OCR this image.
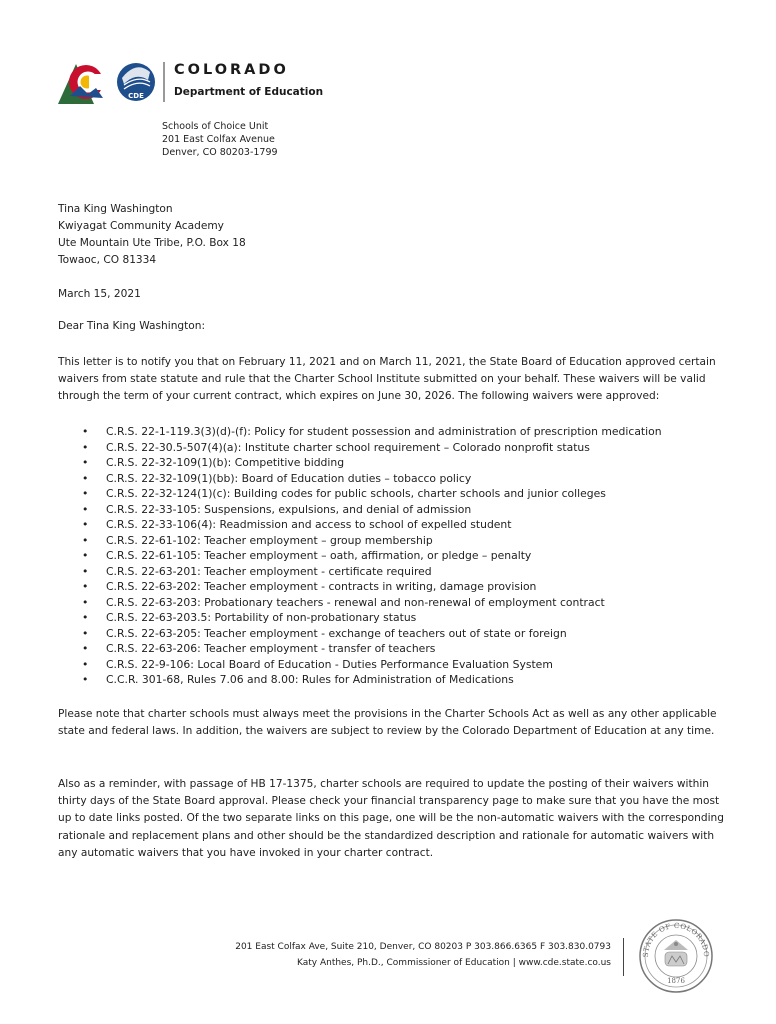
CDE
COLORADO
Department of Education
Schools of Choice Unit
201 East Colfax Avenue
Denver, CO 80203-1799
Tina King Washington
Kwiyagat Community Academy
Ute Mountain Ute Tribe, P.O. Box 18
Towaoc, CO 81334
March 15, 2021
Dear Tina King Washington:
This letter is to notify you that on February 11, 2021 and on March 11, 2021, the State Board of Education approved certain waivers from state statute and rule that the Charter School Institute submitted on your behalf. These waivers will be valid through the term of your current contract, which expires on June 30, 2026. The following waivers were approved:
• C.R.S. 22-1-119.3(3)(d)-(f): Policy for student possession and administration of prescription medication
• C.R.S. 22-30.5-507(4)(a): Institute charter school requirement – Colorado nonprofit status
• C.R.S. 22-32-109(1)(b): Competitive bidding
• C.R.S. 22-32-109(1)(bb): Board of Education duties – tobacco policy
• C.R.S. 22-32-124(1)(c): Building codes for public schools, charter schools and junior colleges
• C.R.S. 22-33-105: Suspensions, expulsions, and denial of admission
• C.R.S. 22-33-106(4): Readmission and access to school of expelled student
• C.R.S. 22-61-102: Teacher employment – group membership
• C.R.S. 22-61-105: Teacher employment – oath, affirmation, or pledge – penalty
• C.R.S. 22-63-201: Teacher employment - certificate required
• C.R.S. 22-63-202: Teacher employment - contracts in writing, damage provision
• C.R.S. 22-63-203: Probationary teachers - renewal and non-renewal of employment contract
• C.R.S. 22-63-203.5: Portability of non-probationary status
• C.R.S. 22-63-205: Teacher employment - exchange of teachers out of state or foreign
• C.R.S. 22-63-206: Teacher employment - transfer of teachers
• C.R.S. 22-9-106: Local Board of Education - Duties Performance Evaluation System
• C.C.R. 301-68, Rules 7.06 and 8.00: Rules for Administration of Medications
Please note that charter schools must always meet the provisions in the Charter Schools Act as well as any other applicable state and federal laws. In addition, the waivers are subject to review by the Colorado Department of Education at any time.
Also as a reminder, with passage of HB 17-1375, charter schools are required to update the posting of their waivers within thirty days of the State Board approval. Please check your financial transparency page to make sure that you have the most up to date links posted. Of the two separate links on this page, one will be the non-automatic waivers with the corresponding rationale and replacement plans and other should be the standardized description and rationale for automatic waivers with any automatic waivers that you have invoked in your charter contract.
201 East Colfax Ave, Suite 210, Denver, CO 80203 P 303.866.6365 F 303.830.0793
Katy Anthes, Ph.D., Commissioner of Education | www.cde.state.co.us
STATE OF COLORADO
1876
